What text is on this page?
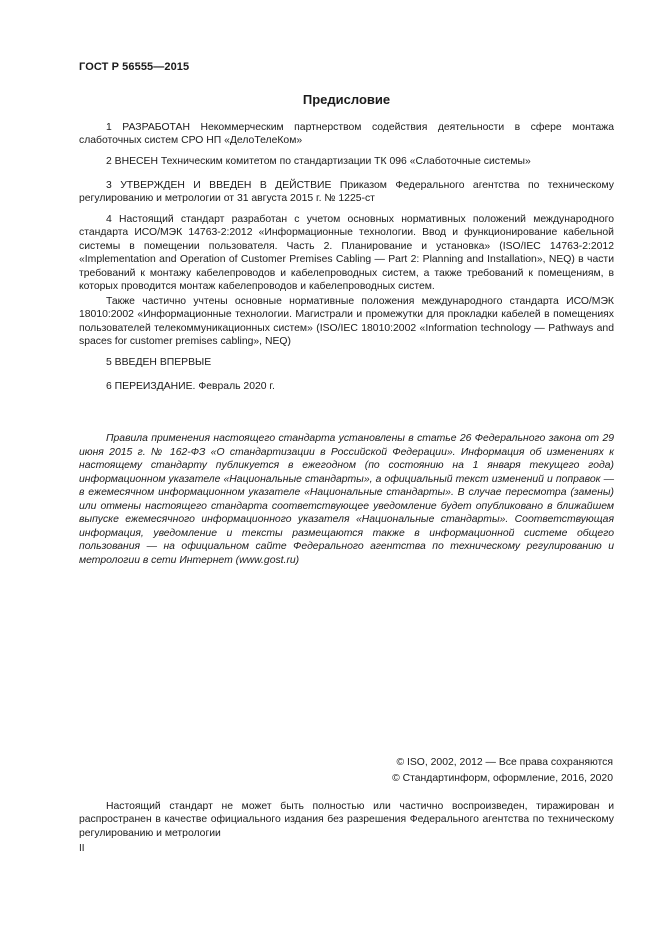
ГОСТ Р 56555—2015
Предисловие

1 РАЗРАБОТАН Некоммерческим партнерством содействия деятельности в сфере монтажа слаботочных систем СРО НП «ДелоТелеКом»

2 ВНЕСЕН Техническим комитетом по стандартизации ТК 096 «Слаботочные системы»

3 УТВЕРЖДЕН И ВВЕДЕН В ДЕЙСТВИЕ Приказом Федерального агентства по техническому регулированию и метрологии от 31 августа 2015 г. № 1225-ст

4 Настоящий стандарт разработан с учетом основных нормативных положений международного стандарта ИСО/МЭК 14763-2:2012 «Информационные технологии. Ввод и функционирование кабельной системы в помещении пользователя. Часть 2. Планирование и установка» (ISO/IEC 14763-2:2012 «Implementation and Operation of Customer Premises Cabling — Part 2: Planning and Installation», NEQ) в части требований к монтажу кабелепроводов и кабелепроводных систем, а также требований к помещениям, в которых проводится монтаж кабелепроводов и кабелепроводных систем.

Также частично учтены основные нормативные положения международного стандарта ИСО/МЭК 18010:2002 «Информационные технологии. Магистрали и промежутки для прокладки кабелей в помещениях пользователей телекоммуникационных систем» (ISO/IEC 18010:2002 «Information technology — Pathways and spaces for customer premises cabling», NEQ)

5 ВВЕДЕН ВПЕРВЫЕ

6 ПЕРЕИЗДАНИЕ. Февраль 2020 г.

Правила применения настоящего стандарта установлены в статье 26 Федерального закона от 29 июня 2015 г. № 162-ФЗ «О стандартизации в Российской Федерации». Информация об изменениях к настоящему стандарту публикуется в ежегодном (по состоянию на 1 января текущего года) информационном указателе «Национальные стандарты», а официальный текст изменений и поправок — в ежемесячном информационном указателе «Национальные стандарты». В случае пересмотра (замены) или отмены настоящего стандарта соответствующее уведомление будет опубликовано в ближайшем выпуске ежемесячного информационного указателя «Национальные стандарты». Соответствующая информация, уведомление и тексты размещаются также в информационной системе общего пользования — на официальном сайте Федерального агентства по техническому регулированию и метрологии в сети Интернет (www.gost.ru)

© ISO, 2002, 2012 — Все права сохраняются
© Стандартинформ, оформление, 2016, 2020

Настоящий стандарт не может быть полностью или частично воспроизведен, тиражирован и распространен в качестве официального издания без разрешения Федерального агентства по техническому регулированию и метрологии

II
